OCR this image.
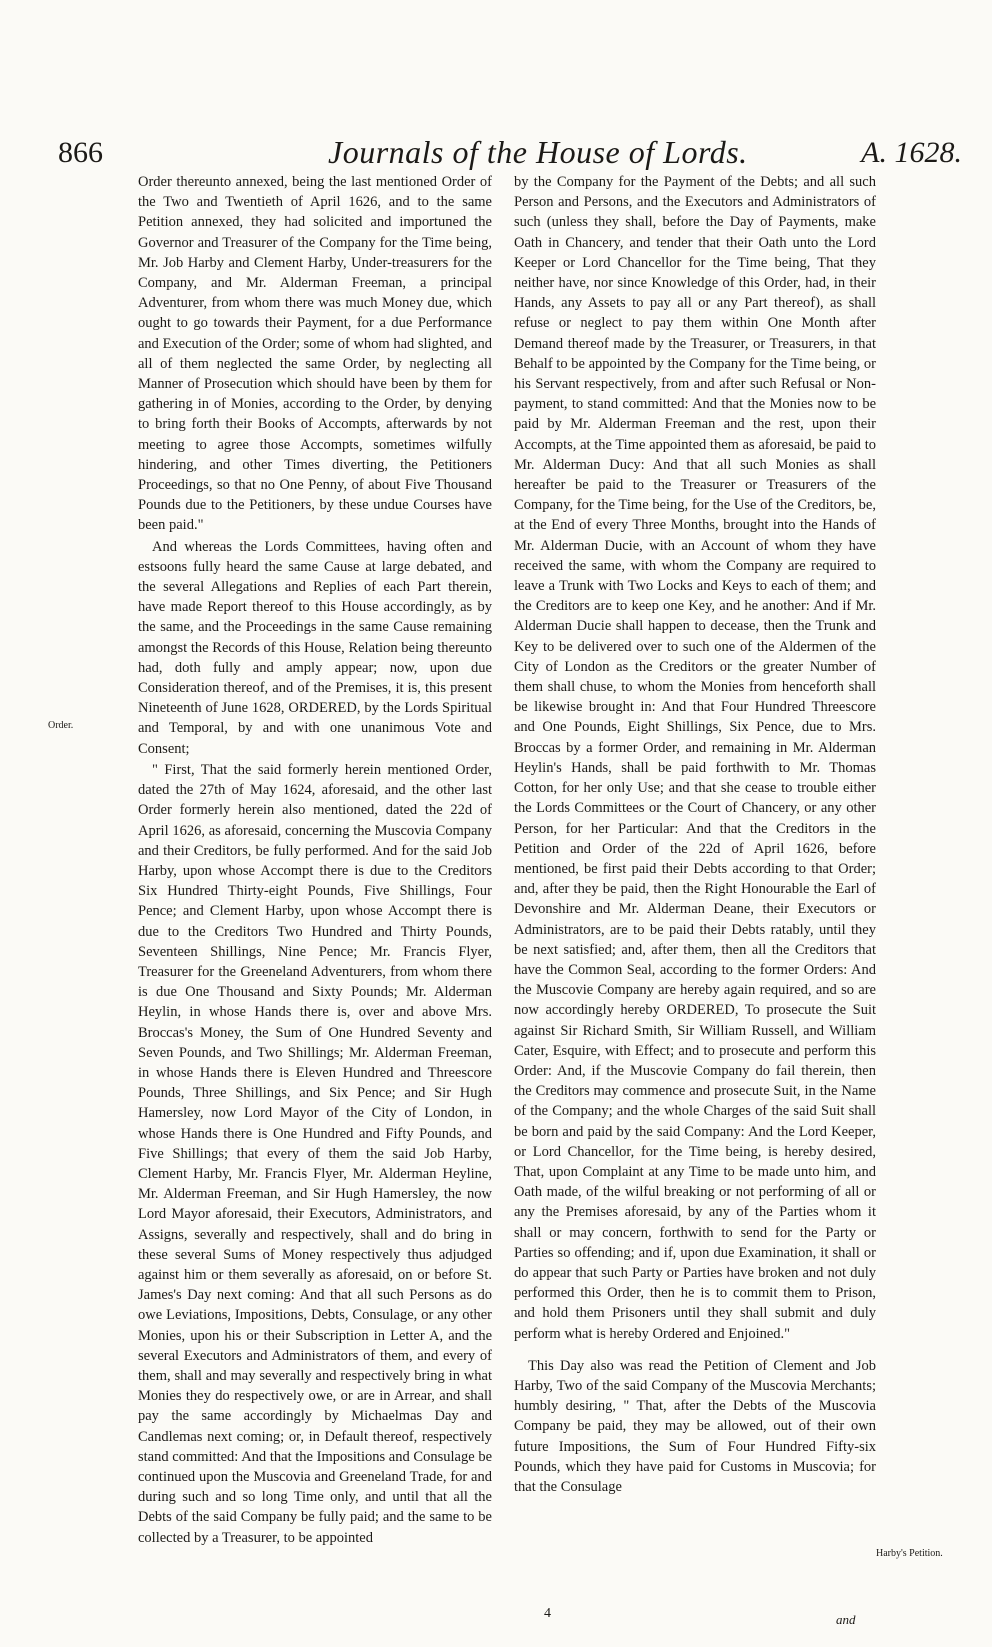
866	Journals of the House of Lords.	A. 1628.
Order.

Order thereunto annexed, being the last mentioned Order of the Two and Twentieth of April 1626, and to the same Petition annexed, they had solicited and importuned the Governor and Treasurer of the Company for the Time being, Mr. Job Harby and Clement Harby, Under-treasurers for the Company, and Mr. Alderman Freeman, a principal Adventurer, from whom there was much Money due, which ought to go towards their Payment, for a due Performance and Execution of the Order; some of whom had slighted, and all of them neglected the same Order, by neglecting all Manner of Prosecution which should have been by them for gathering in of Monies, according to the Order, by denying to bring forth their Books of Accompts, afterwards by not meeting to agree those Accompts, sometimes wilfully hindering, and other Times diverting, the Petitioners Proceedings, so that no One Penny, of about Five Thousand Pounds due to the Petitioners, by these undue Courses have been paid."

And whereas the Lords Committees, having often and estsoons fully heard the same Cause at large debated, and the several Allegations and Replies of each Part therein, have made Report thereof to this House accordingly, as by the same, and the Proceedings in the same Cause remaining amongst the Records of this House, Relation being thereunto had, doth fully and amply appear; now, upon due Consideration thereof, and of the Premises, it is, this present Nineteenth of June 1628, ORDERED, by the Lords Spiritual and Temporal, by and with one unanimous Vote and Consent;

" First, That the said formerly herein mentioned Order, dated the 27th of May 1624, aforesaid, and the other last Order formerly herein also mentioned, dated the 22d of April 1626, as aforesaid, concerning the Muscovia Company and their Creditors, be fully performed. And for the said Job Harby, upon whose Accompt there is due to the Creditors Six Hundred Thirty-eight Pounds, Five Shillings, Four Pence; and Clement Harby, upon whose Accompt there is due to the Creditors Two Hundred and Thirty Pounds, Seventeen Shillings, Nine Pence; Mr. Francis Flyer, Treasurer for the Greeneland Adventurers, from whom there is due One Thousand and Sixty Pounds; Mr. Alderman Heylin, in whose Hands there is, over and above Mrs. Broccas's Money, the Sum of One Hundred Seventy and Seven Pounds, and Two Shillings; Mr. Alderman Freeman, in whose Hands there is Eleven Hundred and Threescore Pounds, Three Shillings, and Six Pence; and Sir Hugh Hamersley, now Lord Mayor of the City of London, in whose Hands there is One Hundred and Fifty Pounds, and Five Shillings; that every of them the said Job Harby, Clement Harby, Mr. Francis Flyer, Mr. Alderman Heyline, Mr. Alderman Freeman, and Sir Hugh Hamersley, the now Lord Mayor aforesaid, their Executors, Administrators, and Assigns, severally and respectively, shall and do bring in these several Sums of Money respectively thus adjudged against him or them severally as aforesaid, on or before St. James's Day next coming: And that all such Persons as do owe Leviations, Impositions, Debts, Consulage, or any other Monies, upon his or their Subscription in Letter A, and the several Executors and Administrators of them, and every of them, shall and may severally and respectively bring in what Monies they do respectively owe, or are in Arrear, and shall pay the same accordingly by Michaelmas Day and Candlemas next coming; or, in Default thereof, respectively stand committed: And that the Impositions and Consulage be continued upon the Muscovia and Greeneland Trade, for and during such and so long Time only, and until that all the Debts of the said Company be fully paid; and the same to be collected by a Treasurer, to be appointed

by the Company for the Payment of the Debts; and all such Person and Persons, and the Executors and Administrators of such (unless they shall, before the Day of Payments, make Oath in Chancery, and tender that their Oath unto the Lord Keeper or Lord Chancellor for the Time being, That they neither have, nor since Knowledge of this Order, had, in their Hands, any Assets to pay all or any Part thereof), as shall refuse or neglect to pay them within One Month after Demand thereof made by the Treasurer, or Treasurers, in that Behalf to be appointed by the Company for the Time being, or his Servant respectively, from and after such Refusal or Non-payment, to stand committed: And that the Monies now to be paid by Mr. Alderman Freeman and the rest, upon their Accompts, at the Time appointed them as aforesaid, be paid to Mr. Alderman Ducy: And that all such Monies as shall hereafter be paid to the Treasurer or Treasurers of the Company, for the Time being, for the Use of the Creditors, be, at the End of every Three Months, brought into the Hands of Mr. Alderman Ducie, with an Account of whom they have received the same, with whom the Company are required to leave a Trunk with Two Locks and Keys to each of them; and the Creditors are to keep one Key, and he another: And if Mr. Alderman Ducie shall happen to decease, then the Trunk and Key to be delivered over to such one of the Aldermen of the City of London as the Creditors or the greater Number of them shall chuse, to whom the Monies from henceforth shall be likewise brought in: And that Four Hundred Threescore and One Pounds, Eight Shillings, Six Pence, due to Mrs. Broccas by a former Order, and remaining in Mr. Alderman Heylin's Hands, shall be paid forthwith to Mr. Thomas Cotton, for her only Use; and that she cease to trouble either the Lords Committees or the Court of Chancery, or any other Person, for her Particular: And that the Creditors in the Petition and Order of the 22d of April 1626, before mentioned, be first paid their Debts according to that Order; and, after they be paid, then the Right Honourable the Earl of Devonshire and Mr. Alderman Deane, their Executors or Administrators, are to be paid their Debts ratably, until they be next satisfied; and, after them, then all the Creditors that have the Common Seal, according to the former Orders: And the Muscovie Company are hereby again required, and so are now accordingly hereby ORDERED, To prosecute the Suit against Sir Richard Smith, Sir William Russell, and William Cater, Esquire, with Effect; and to prosecute and perform this Order: And, if the Muscovie Company do fail therein, then the Creditors may commence and prosecute Suit, in the Name of the Company; and the whole Charges of the said Suit shall be born and paid by the said Company: And the Lord Keeper, or Lord Chancellor, for the Time being, is hereby desired, That, upon Complaint at any Time to be made unto him, and Oath made, of the wilful breaking or not performing of all or any the Premises aforesaid, by any of the Parties whom it shall or may concern, forthwith to send for the Party or Parties so offending; and if, upon due Examination, it shall or do appear that such Party or Parties have broken and not duly performed this Order, then he is to commit them to Prison, and hold them Prisoners until they shall submit and duly perform what is hereby Ordered and Enjoined."

This Day also was read the Petition of Clement and Job Harby, Two of the said Company of the Muscovia Merchants; humbly desiring, " That, after the Debts of the Muscovia Company be paid, they may be allowed, out of their own future Impositions, the Sum of Four Hundred Fifty-six Pounds, which they have paid for Customs in Muscovia; for that the Consulage

Harby's Petition.
4	and
